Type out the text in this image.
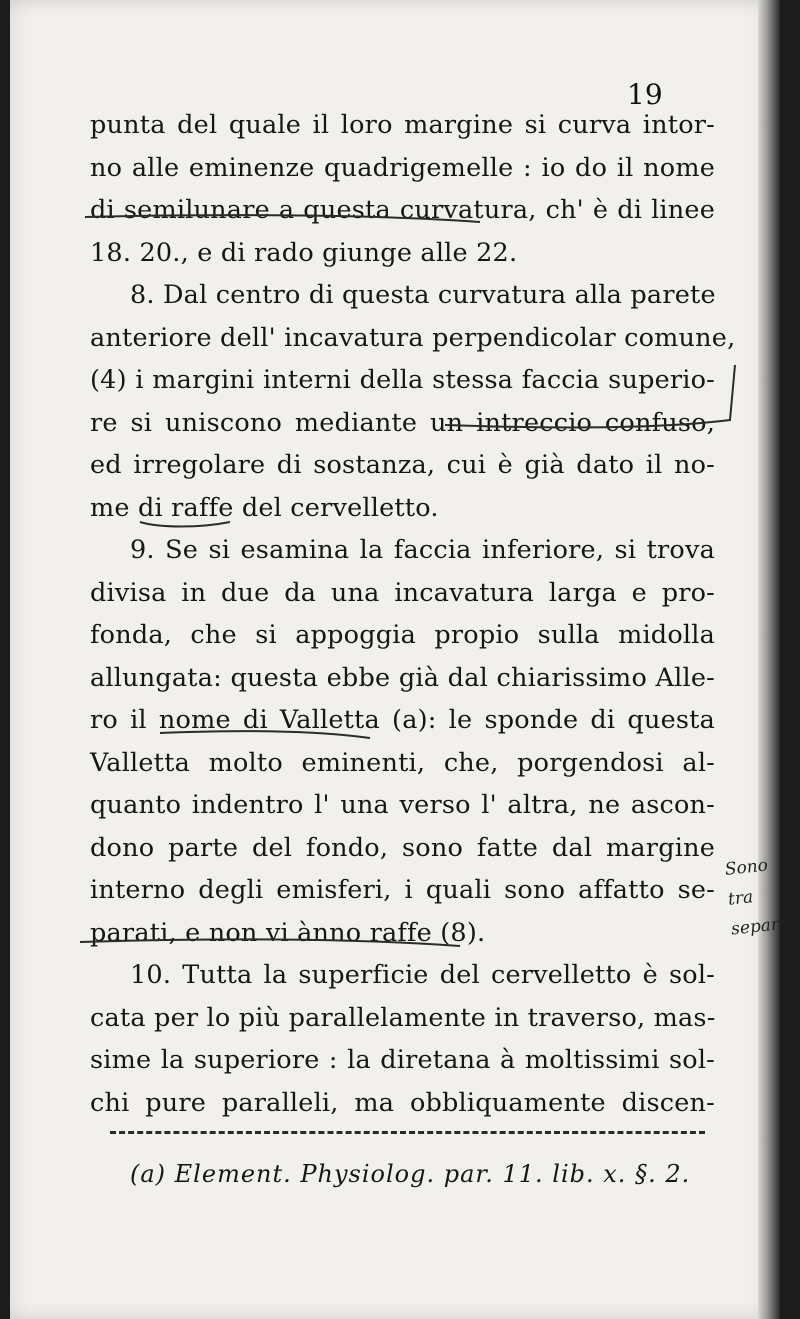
19
punta del quale il loro margine si curva intor-
no alle eminenze quadrigemelle : io do il nome
di semilunare a questa curvatura, ch' è di linee
18. 20., e di rado giunge alle 22.
8. Dal centro di questa curvatura alla parete
anteriore dell' incavatura perpendicolar comune,
(4) i margini interni della stessa faccia superio-
re si uniscono mediante un intreccio confuso,
ed irregolare di sostanza, cui è già dato il no-
me di raffe del cervelletto.
9. Se si esamina la faccia inferiore, si trova
divisa in due da una incavatura larga e pro-
fonda, che si appoggia propio sulla midolla
allungata: questa ebbe già dal chiarissimo Alle-
ro il nome di Valletta (a): le sponde di questa
Valletta molto eminenti, che, porgendosi al-
quanto indentro l' una verso l' altra, ne ascon-
dono parte del fondo, sono fatte dal margine
interno degli emisferi, i quali sono affatto se-
parati, e non vi ànno raffe (8).
10. Tutta la superficie del cervelletto è sol-
cata per lo più parallelamente in traverso, mas-
sime la superiore : la diretana à moltissimi sol-
chi pure paralleli, ma obbliquamente discen-
(a) Element. Physiolog. par. 11. lib. x. §. 2.
Sono tra
separ
